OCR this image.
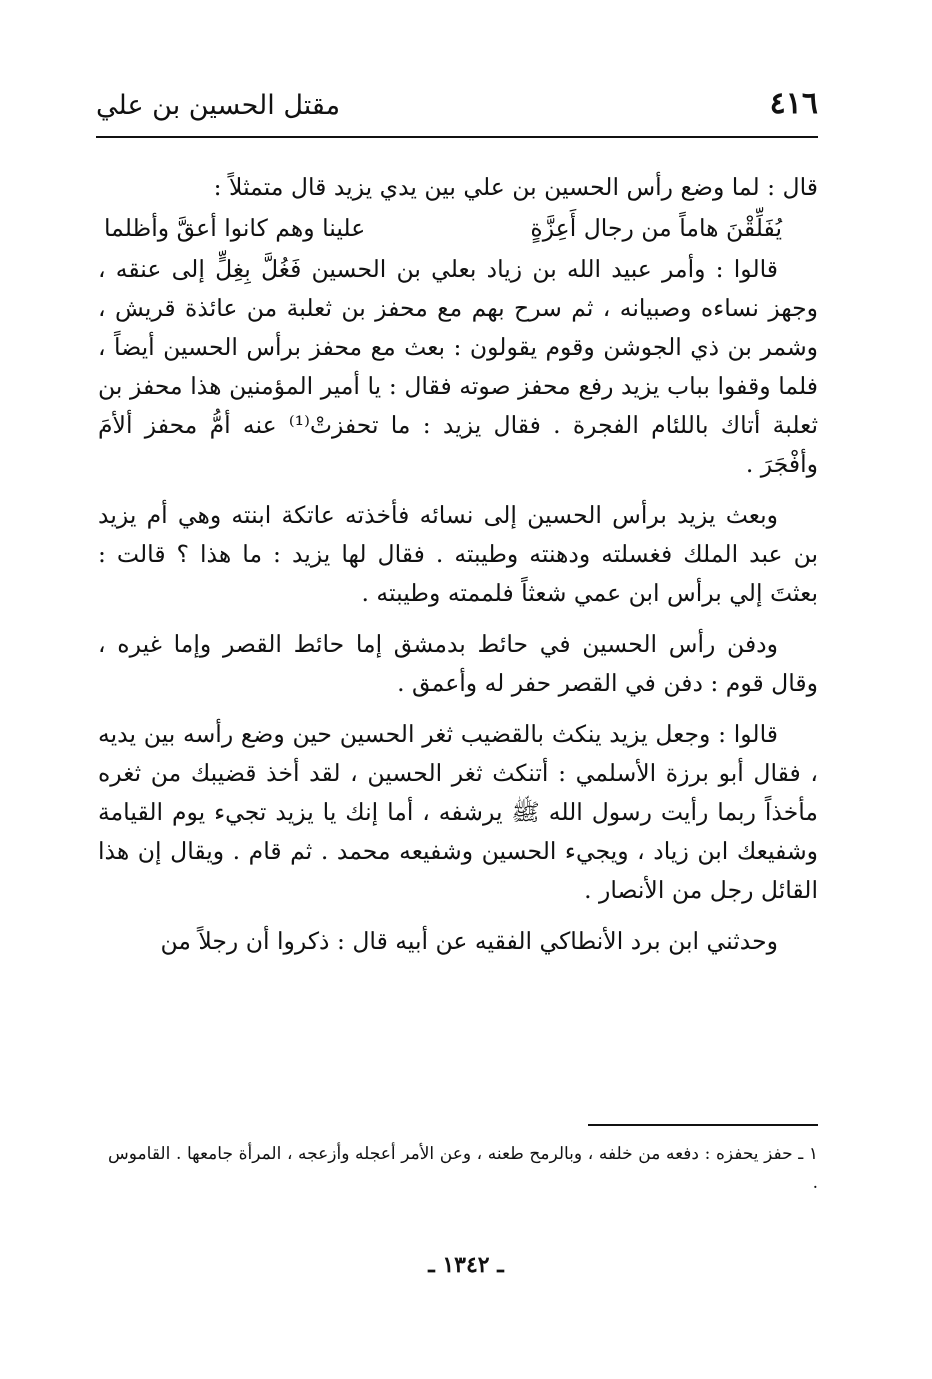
٤١٦
مقتل الحسين بن علي

قال : لما وضع رأس الحسين بن علي بين يدي يزيد قال متمثلاً :

يُفَلِّقْنَ هاماً من رجال أَعِزَّةٍ
علينا وهم كانوا أعقَّ وأظلما

قالوا : وأمر عبيد الله بن زياد بعلي بن الحسين فَغُلَّ بِغِلٍّ إلى عنقه ، وجهز نساءه وصبيانه ، ثم سرح بهم مع محفز بن ثعلبة من عائذة قريش ، وشمر بن ذي الجوشن وقوم يقولون : بعث مع محفز برأس الحسين أيضاً ، فلما وقفوا بباب يزيد رفع محفز صوته فقال : يا أمير المؤمنين هذا محفز بن ثعلبة أتاك باللئام الفجرة . فقال يزيد : ما تحفزتْ⁽¹⁾ عنه أمُّ محفز ألأمَ وأفْجَرَ .

وبعث يزيد برأس الحسين إلى نسائه فأخذته عاتكة ابنته وهي أم يزيد بن عبد الملك فغسلته ودهنته وطيبته . فقال لها يزيد : ما هذا ؟ قالت : بعثتَ إلي برأس ابن عمي شعثاً فلممته وطيبته .

ودفن رأس الحسين في حائط بدمشق إما حائط القصر وإما غيره ، وقال قوم : دفن في القصر حفر له وأعمق .

قالوا : وجعل يزيد ينكث بالقضيب ثغر الحسين حين وضع رأسه بين يديه ، فقال أبو برزة الأسلمي : أتنكث ثغر الحسين ، لقد أخذ قضيبك من ثغره مأخذاً ربما رأيت رسول الله ﷺ يرشفه ، أما إنك يا يزيد تجيء يوم القيامة وشفيعك ابن زياد ، ويجيء الحسين وشفيعه محمد . ثم قام . ويقال إن هذا القائل رجل من الأنصار .

وحدثني ابن برد الأنطاكي الفقيه عن أبيه قال : ذكروا أن رجلاً من

١ ـ حفز يحفزه : دفعه من خلفه ، وبالرمح طعنه ، وعن الأمر أعجله وأزعجه ، المرأة جامعها . القاموس .
ـ ١٣٤٢ ـ
